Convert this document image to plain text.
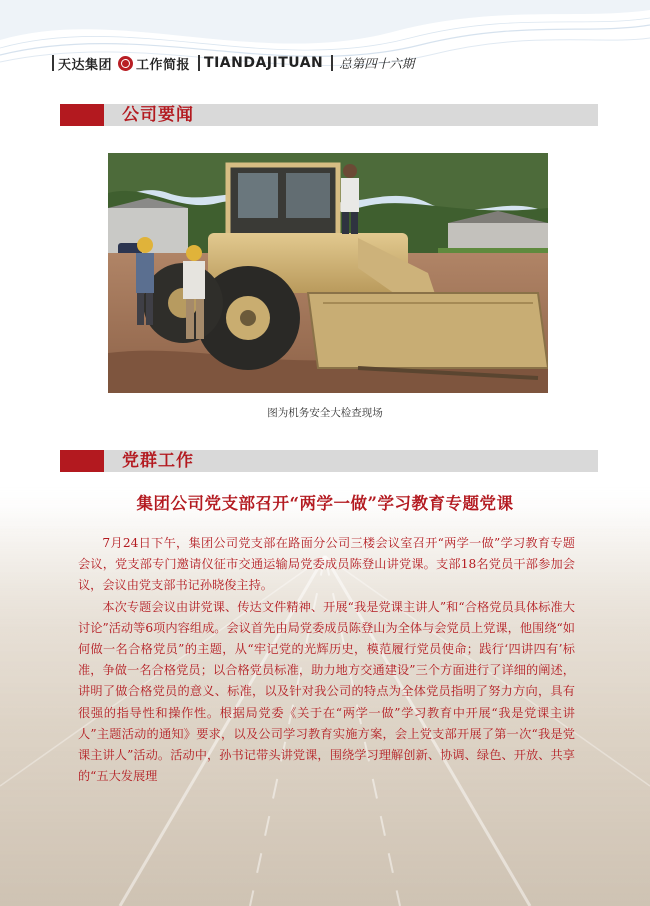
天达集团 工作简报 TIANDAJITUAN 总第四十六期
公司要闻
图为机务安全大检查现场
党群工作
集团公司党支部召开“两学一做”学习教育专题党课

7月24日下午，集团公司党支部在路面分公司三楼会议室召开“两学一做”学习教育专题会议，党支部专门邀请仪征市交通运输局党委成员陈登山讲党课。支部18名党员干部参加会议，会议由党支部书记孙晓俊主持。

本次专题会议由讲党课、传达文件精神、开展“我是党课主讲人”和“合格党员具体标准大讨论”活动等6项内容组成。会议首先由局党委成员陈登山为全体与会党员上党课，他围绕“如何做一名合格党员”的主题，从“牢记党的光辉历史，模范履行党员使命；践行‘四讲四有’标准，争做一名合格党员；以合格党员标准，助力地方交通建设”三个方面进行了详细的阐述，讲明了做合格党员的意义、标准，以及针对我公司的特点为全体党员指明了努力方向，具有很强的指导性和操作性。根据局党委《关于在“两学一做”学习教育中开展“我是党课主讲人”主题活动的通知》要求，以及公司学习教育实施方案，会上党支部开展了第一次“我是党课主讲人”活动。活动中，孙书记带头讲党课，围绕学习理解创新、协调、绿色、开放、共享的“五大发展理
